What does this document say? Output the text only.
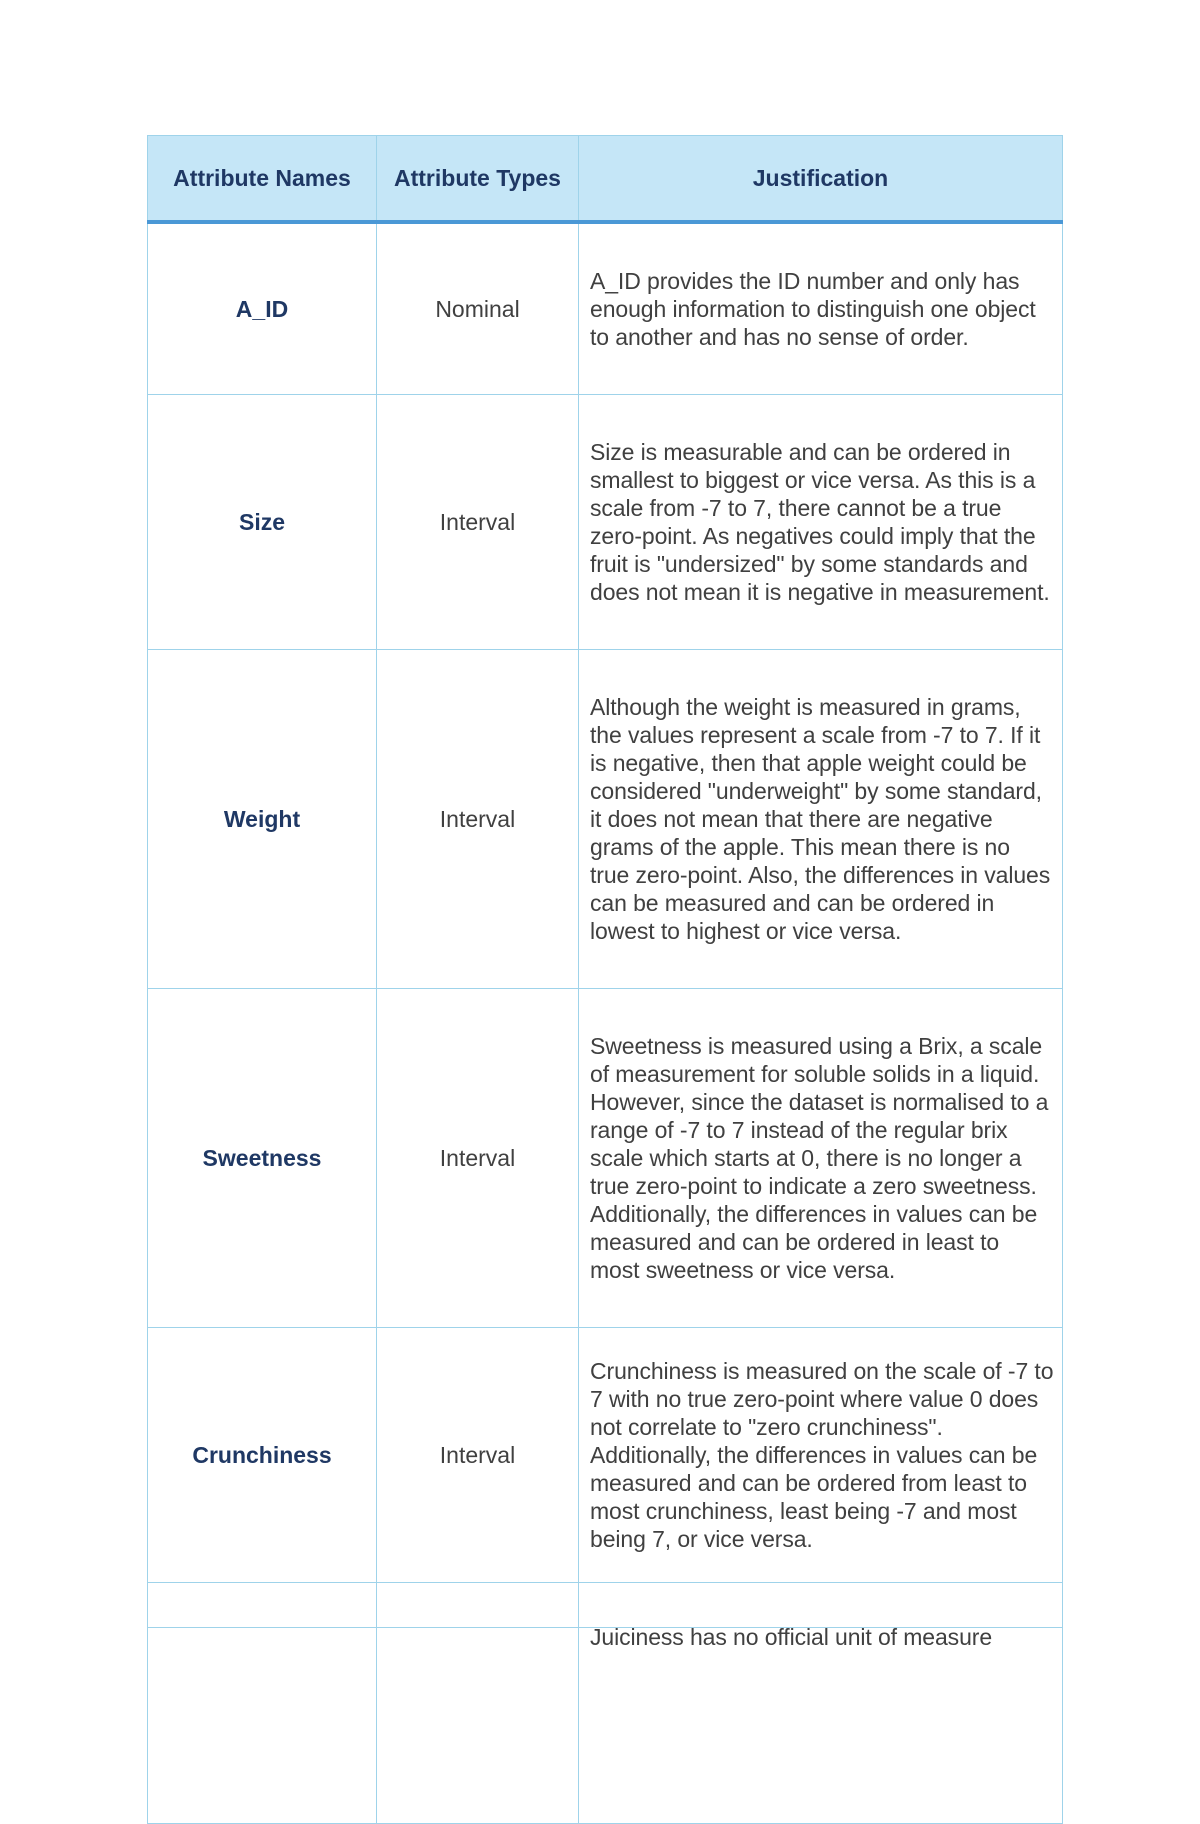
Attribute Names	Attribute Types	Justification
A_ID	Nominal	A_ID provides the ID number and only has enough information to distinguish one object to another and has no sense of order.
Size	Interval	Size is measurable and can be ordered in smallest to biggest or vice versa. As this is a scale from -7 to 7, there cannot be a true zero-point. As negatives could imply that the fruit is "undersized" by some standards and does not mean it is negative in measurement.
Weight	Interval	Although the weight is measured in grams, the values represent a scale from -7 to 7. If it is negative, then that apple weight could be considered "underweight" by some standard, it does not mean that there are negative grams of the apple. This mean there is no true zero-point. Also, the differences in values can be measured and can be ordered in lowest to highest or vice versa.
Sweetness	Interval	Sweetness is measured using a Brix, a scale of measurement for soluble solids in a liquid. However, since the dataset is normalised to a range of -7 to 7 instead of the regular brix scale which starts at 0, there is no longer a true zero-point to indicate a zero sweetness. Additionally, the differences in values can be measured and can be ordered in least to most sweetness or vice versa.
Crunchiness	Interval	Crunchiness is measured on the scale of -7 to 7 with no true zero-point where value 0 does not correlate to "zero crunchiness". Additionally, the differences in values can be measured and can be ordered from least to most crunchiness, least being -7 and most being 7, or vice versa.
		Juiciness has no official unit of measure
